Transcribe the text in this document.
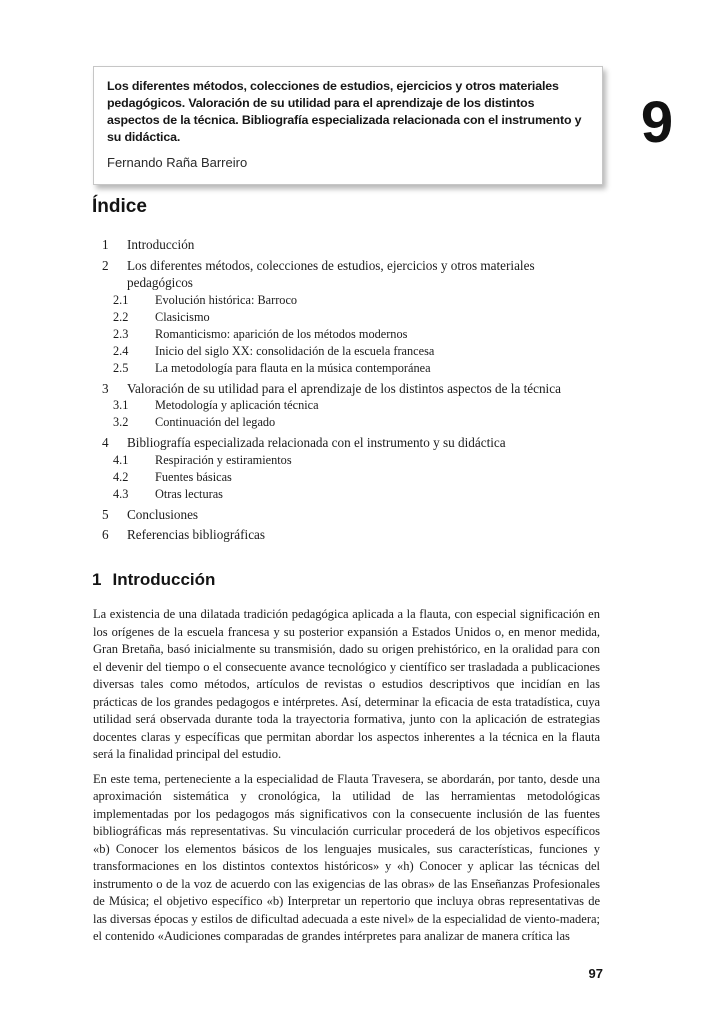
Los diferentes métodos, colecciones de estudios, ejercicios y otros materiales pedagógicos. Valoración de su utilidad para el aprendizaje de los distintos aspectos de la técnica. Bibliografía especializada relacionada con el instrumento y su didáctica.
Fernando Raña Barreiro
9
Índice
1	Introducción
2	Los diferentes métodos, colecciones de estudios, ejercicios y otros materiales pedagógicos
2.1	Evolución histórica: Barroco
2.2	Clasicismo
2.3	Romanticismo: aparición de los métodos modernos
2.4	Inicio del siglo XX: consolidación de la escuela francesa
2.5	La metodología para flauta en la música contemporánea
3	Valoración de su utilidad para el aprendizaje de los distintos aspectos de la técnica
3.1	Metodología y aplicación técnica
3.2	Continuación del legado
4	Bibliografía especializada relacionada con el instrumento y su didáctica
4.1	Respiración y estiramientos
4.2	Fuentes básicas
4.3	Otras lecturas
5	Conclusiones
6	Referencias bibliográficas
1 Introducción

La existencia de una dilatada tradición pedagógica aplicada a la flauta, con especial significación en los orígenes de la escuela francesa y su posterior expansión a Estados Unidos o, en menor medida, Gran Bretaña, basó inicialmente su transmisión, dado su origen prehistórico, en la oralidad para con el devenir del tiempo o el consecuente avance tecnológico y científico ser trasladada a publicaciones diversas tales como métodos, artículos de revistas o estudios descriptivos que incidían en las prácticas de los grandes pedagogos e intérpretes. Así, determinar la eficacia de esta tratadística, cuya utilidad será observada durante toda la trayectoria formativa, junto con la aplicación de estrategias docentes claras y específicas que permitan abordar los aspectos inherentes a la técnica en la flauta será la finalidad principal del estudio.

En este tema, perteneciente a la especialidad de Flauta Travesera, se abordarán, por tanto, desde una aproximación sistemática y cronológica, la utilidad de las herramientas metodológicas implementadas por los pedagogos más significativos con la consecuente inclusión de las fuentes bibliográficas más representativas. Su vinculación curricular procederá de los objetivos específicos «b) Conocer los elementos básicos de los lenguajes musicales, sus características, funciones y transformaciones en los distintos contextos históricos» y «h) Conocer y aplicar las técnicas del instrumento o de la voz de acuerdo con las exigencias de las obras» de las Enseñanzas Profesionales de Música; el objetivo específico «b) Interpretar un repertorio que incluya obras representativas de las diversas épocas y estilos de dificultad adecuada a este nivel» de la especialidad de viento-madera; el contenido «Audiciones comparadas de grandes intérpretes para analizar de manera crítica las

97
